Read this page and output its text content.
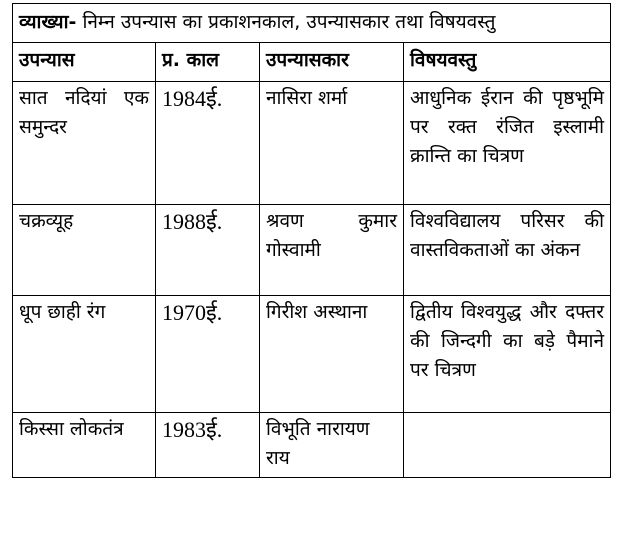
व्याख्या- निम्न उपन्यास का प्रकाशनकाल, उपन्यासकार तथा विषयवस्तु			
उपन्यास	प्र. काल	उपन्यासकार	विषयवस्तु
सात नदियां एक समुन्दर	1984ई.	नासिरा शर्मा	आधुनिक ईरान की पृष्ठभूमि पर रक्त रंजित इस्लामी क्रान्ति का चित्रण
चक्रव्यूह	1988ई.	श्रवण कुमार गोस्वामी	विश्वविद्यालय परिसर की वास्तविकताओं का अंकन
धूप छाही रंग	1970ई.	गिरीश अस्थाना	द्वितीय विश्वयुद्ध और दफ्तर की जिन्दगी का बड़े पैमाने पर चित्रण
किस्सा लोकतंत्र	1983ई.	विभूति नारायण राय	
